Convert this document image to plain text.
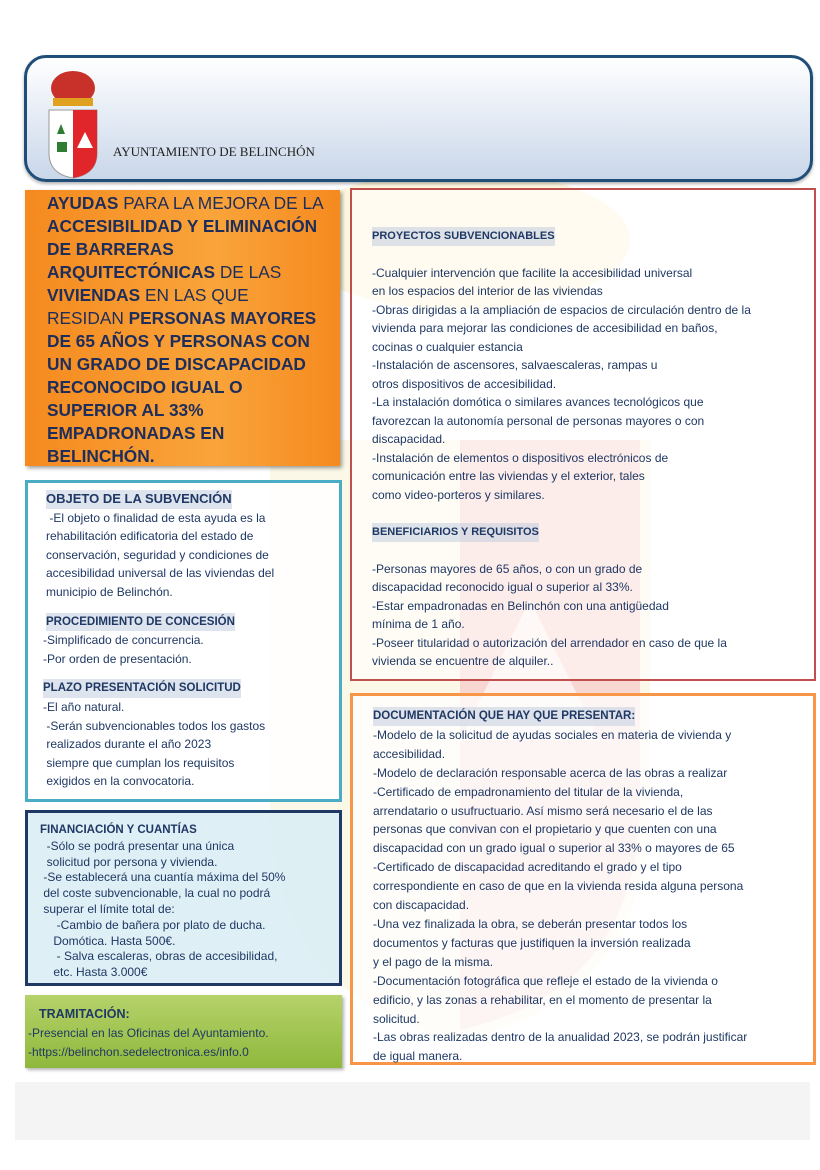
AYUNTAMIENTO DE BELINCHÓN
AYUDAS PARA LA MEJORA DE LA
ACCESIBILIDAD Y ELIMINACIÓN
DE BARRERAS
ARQUITECTÓNICAS DE LAS
VIVIENDAS EN LAS QUE
RESIDAN PERSONAS MAYORES
DE 65 AÑOS Y PERSONAS CON
UN GRADO DE DISCAPACIDAD
RECONOCIDO IGUAL O
SUPERIOR AL 33%
EMPADRONADAS EN
BELINCHÓN.
OBJETO DE LA SUBVENCIÓN
-El objeto o finalidad de esta ayuda es la
rehabilitación edificatoria del estado de
conservación, seguridad y condiciones de
accesibilidad universal de las viviendas del
municipio de Belinchón.
PROCEDIMIENTO DE CONCESIÓN
-Simplificado de concurrencia.
-Por orden de presentación.
PLAZO PRESENTACIÓN SOLICITUD
-El año natural.
-Serán subvencionables todos los gastos
realizados durante el año 2023
siempre que cumplan los requisitos
exigidos en la convocatoria.
FINANCIACIÓN Y CUANTÍAS
-Sólo se podrá presentar una única
solicitud por persona y vivienda.
-Se establecerá una cuantía máxima del 50%
del coste subvencionable, la cual no podrá
superar el límite total de:
-Cambio de bañera por plato de ducha.
Domótica. Hasta 500€.
- Salva escaleras, obras de accesibilidad,
etc. Hasta 3.000€
TRAMITACIÓN:
-Presencial en las Oficinas del Ayuntamiento.
-https://belinchon.sedelectronica.es/info.0
PROYECTOS SUBVENCIONABLES
-Cualquier intervención que facilite la accesibilidad universal
en los espacios del interior de las viviendas
-Obras dirigidas a la ampliación de espacios de circulación dentro de la
vivienda para mejorar las condiciones de accesibilidad en baños,
cocinas o cualquier estancia
-Instalación de ascensores, salvaescaleras, rampas u
otros dispositivos de accesibilidad.
-La instalación domótica o similares avances tecnológicos que
favorezcan la autonomía personal de personas mayores o con
discapacidad.
-Instalación de elementos o dispositivos electrónicos de
comunicación entre las viviendas y el exterior, tales
como video-porteros y similares.
BENEFICIARIOS Y REQUISITOS
-Personas mayores de 65 años, o con un grado de
discapacidad reconocido igual o superior al 33%.
-Estar empadronadas en Belinchón con una antigüedad
mínima de 1 año.
-Poseer titularidad o autorización del arrendador en caso de que la
vivienda se encuentre de alquiler..
DOCUMENTACIÓN QUE HAY QUE PRESENTAR:
-Modelo de la solicitud de ayudas sociales en materia de vivienda y
accesibilidad.
-Modelo de declaración responsable acerca de las obras a realizar
-Certificado de empadronamiento del titular de la vivienda,
arrendatario o usufructuario. Así mismo será necesario el de las
personas que convivan con el propietario y que cuenten con una
discapacidad con un grado igual o superior al 33% o mayores de 65
-Certificado de discapacidad acreditando el grado y el tipo
correspondiente en caso de que en la vivienda resida alguna persona
con discapacidad.
-Una vez finalizada la obra, se deberán presentar todos los
documentos y facturas que justifiquen la inversión realizada
y el pago de la misma.
-Documentación fotográfica que refleje el estado de la vivienda o
edificio, y las zonas a rehabilitar, en el momento de presentar la
solicitud.
-Las obras realizadas dentro de la anualidad 2023, se podrán justificar
de igual manera.
